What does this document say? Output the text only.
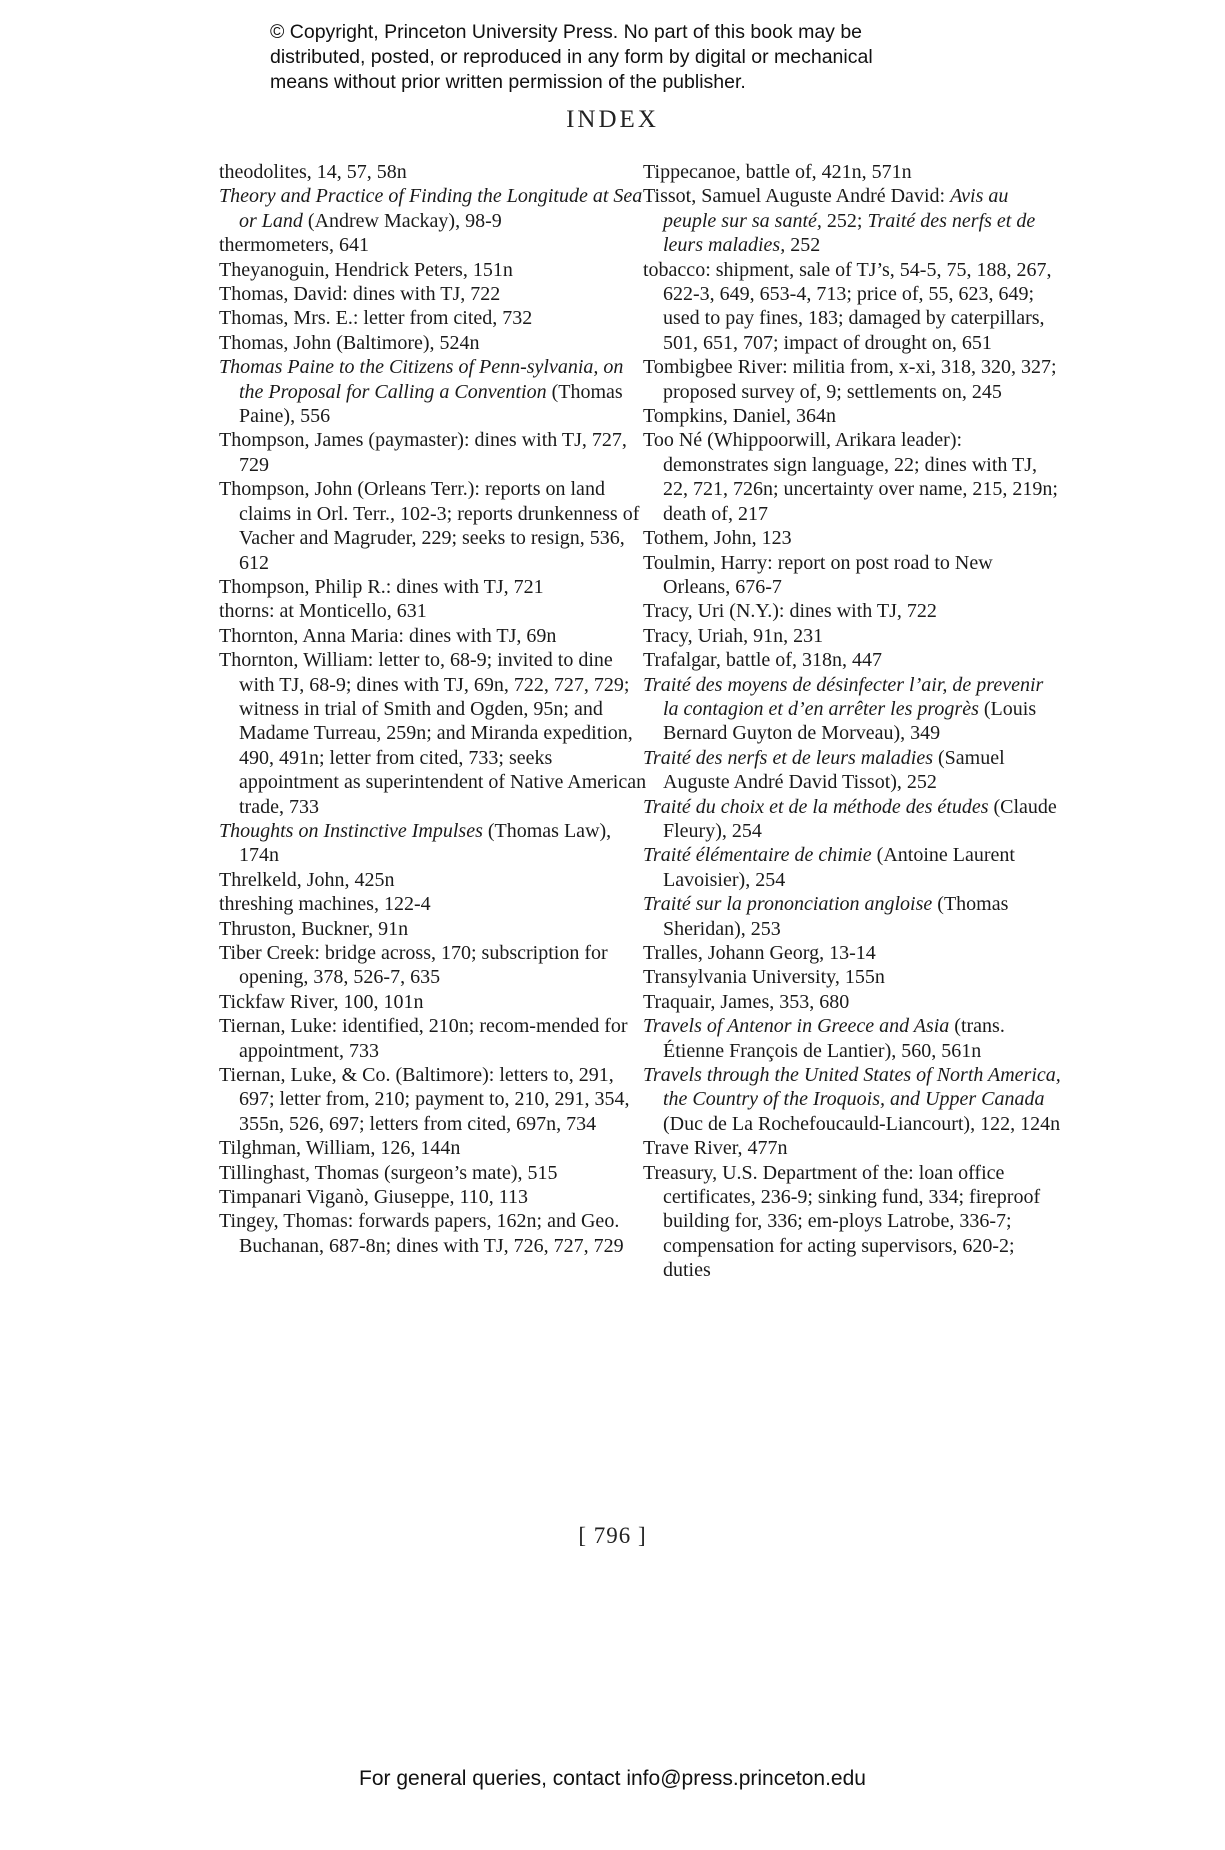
© Copyright, Princeton University Press. No part of this book may be
distributed, posted, or reproduced in any form by digital or mechanical
means without prior written permission of the publisher.
INDEX

theodolites, 14, 57, 58n

Theory and Practice of Finding the Longitude at Sea or Land (Andrew Mackay), 98-9

thermometers, 641

Theyanoguin, Hendrick Peters, 151n

Thomas, David: dines with TJ, 722

Thomas, Mrs. E.: letter from cited, 732

Thomas, John (Baltimore), 524n

Thomas Paine to the Citizens of Penn-sylvania, on the Proposal for Calling a Convention (Thomas Paine), 556

Thompson, James (paymaster): dines with TJ, 727, 729

Thompson, John (Orleans Terr.): reports on land claims in Orl. Terr., 102-3; reports drunkenness of Vacher and Magruder, 229; seeks to resign, 536, 612

Thompson, Philip R.: dines with TJ, 721

thorns: at Monticello, 631

Thornton, Anna Maria: dines with TJ, 69n

Thornton, William: letter to, 68-9; invited to dine with TJ, 68-9; dines with TJ, 69n, 722, 727, 729; witness in trial of Smith and Ogden, 95n; and Madame Turreau, 259n; and Miranda expedition, 490, 491n; letter from cited, 733; seeks appointment as superintendent of Native American trade, 733

Thoughts on Instinctive Impulses (Thomas Law), 174n

Threlkeld, John, 425n

threshing machines, 122-4

Thruston, Buckner, 91n

Tiber Creek: bridge across, 170; subscription for opening, 378, 526-7, 635

Tickfaw River, 100, 101n

Tiernan, Luke: identified, 210n; recom-mended for appointment, 733

Tiernan, Luke, & Co. (Baltimore): letters to, 291, 697; letter from, 210; payment to, 210, 291, 354, 355n, 526, 697; letters from cited, 697n, 734

Tilghman, William, 126, 144n

Tillinghast, Thomas (surgeon’s mate), 515

Timpanari Viganò, Giuseppe, 110, 113

Tingey, Thomas: forwards papers, 162n; and Geo. Buchanan, 687-8n; dines with TJ, 726, 727, 729

Tippecanoe, battle of, 421n, 571n

Tissot, Samuel Auguste André David: Avis au peuple sur sa santé, 252; Traité des nerfs et de leurs maladies, 252

tobacco: shipment, sale of TJ’s, 54-5, 75, 188, 267, 622-3, 649, 653-4, 713; price of, 55, 623, 649; used to pay fines, 183; damaged by caterpillars, 501, 651, 707; impact of drought on, 651

Tombigbee River: militia from, x-xi, 318, 320, 327; proposed survey of, 9; settlements on, 245

Tompkins, Daniel, 364n

Too Né (Whippoorwill, Arikara leader): demonstrates sign language, 22; dines with TJ, 22, 721, 726n; uncertainty over name, 215, 219n; death of, 217

Tothem, John, 123

Toulmin, Harry: report on post road to New Orleans, 676-7

Tracy, Uri (N.Y.): dines with TJ, 722

Tracy, Uriah, 91n, 231

Trafalgar, battle of, 318n, 447

Traité des moyens de désinfecter l’air, de prevenir la contagion et d’en arrêter les progrès (Louis Bernard Guyton de Morveau), 349

Traité des nerfs et de leurs maladies (Samuel Auguste André David Tissot), 252

Traité du choix et de la méthode des études (Claude Fleury), 254

Traité élémentaire de chimie (Antoine Laurent Lavoisier), 254

Traité sur la prononciation angloise (Thomas Sheridan), 253

Tralles, Johann Georg, 13-14

Transylvania University, 155n

Traquair, James, 353, 680

Travels of Antenor in Greece and Asia (trans. Étienne François de Lantier), 560, 561n

Travels through the United States of North America, the Country of the Iroquois, and Upper Canada (Duc de La Rochefoucauld-Liancourt), 122, 124n

Trave River, 477n

Treasury, U.S. Department of the: loan office certificates, 236-9; sinking fund, 334; fireproof building for, 336; em-ploys Latrobe, 336-7; compensation for acting supervisors, 620-2; duties

[ 796 ]
For general queries, contact info@press.princeton.edu
